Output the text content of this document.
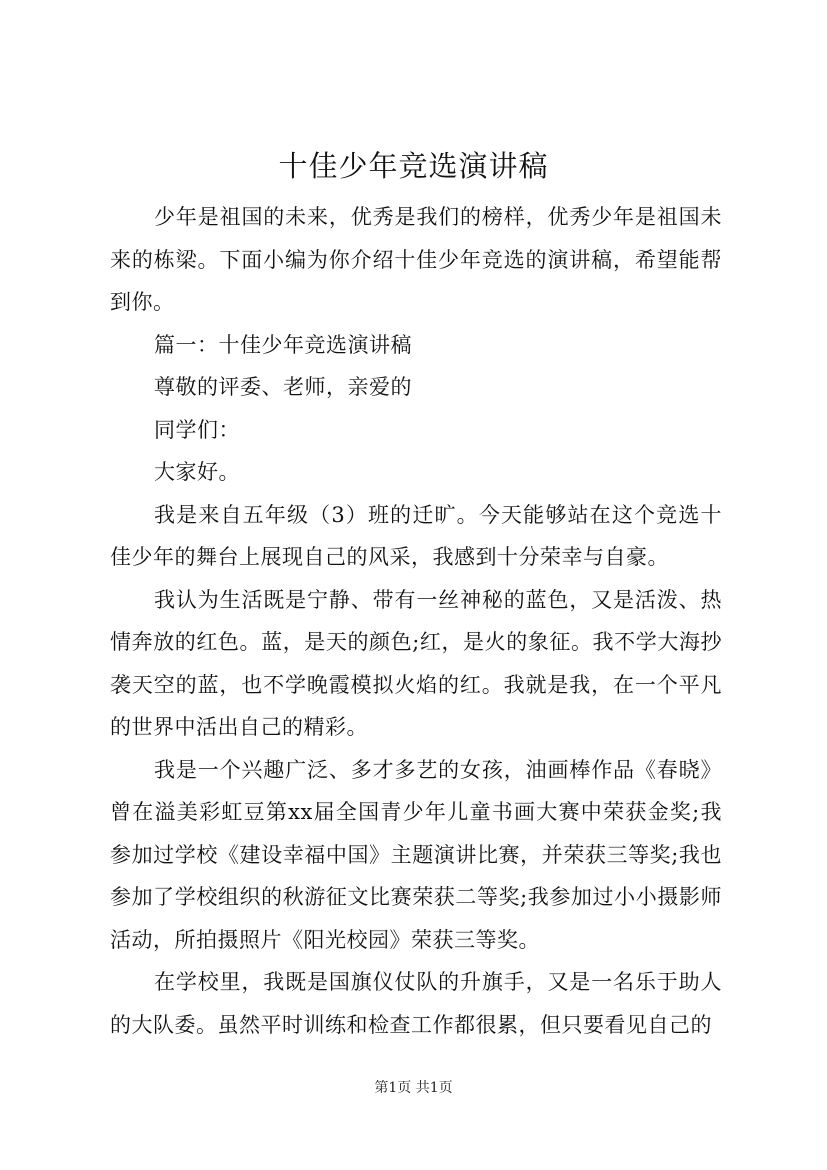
十佳少年竞选演讲稿

少年是祖国的未来，优秀是我们的榜样，优秀少年是祖国未来的栋梁。下面小编为你介绍十佳少年竞选的演讲稿，希望能帮到你。

篇一：十佳少年竞选演讲稿

尊敬的评委、老师，亲爱的

同学们：

大家好。

我是来自五年级（3）班的迁旷。今天能够站在这个竞选十佳少年的舞台上展现自己的风采，我感到十分荣幸与自豪。

我认为生活既是宁静、带有一丝神秘的蓝色，又是活泼、热情奔放的红色。蓝，是天的颜色;红，是火的象征。我不学大海抄袭天空的蓝，也不学晚霞模拟火焰的红。我就是我，在一个平凡的世界中活出自己的精彩。

我是一个兴趣广泛、多才多艺的女孩，油画棒作品《春晓》曾在溢美彩虹豆第xx届全国青少年儿童书画大赛中荣获金奖;我参加过学校《建设幸福中国》主题演讲比赛，并荣获三等奖;我也参加了学校组织的秋游征文比赛荣获二等奖;我参加过小小摄影师活动，所拍摄照片《阳光校园》荣获三等奖。

在学校里，我既是国旗仪仗队的升旗手，又是一名乐于助人的大队委。虽然平时训练和检查工作都很累，但只要看见自己的

第1页 共1页
